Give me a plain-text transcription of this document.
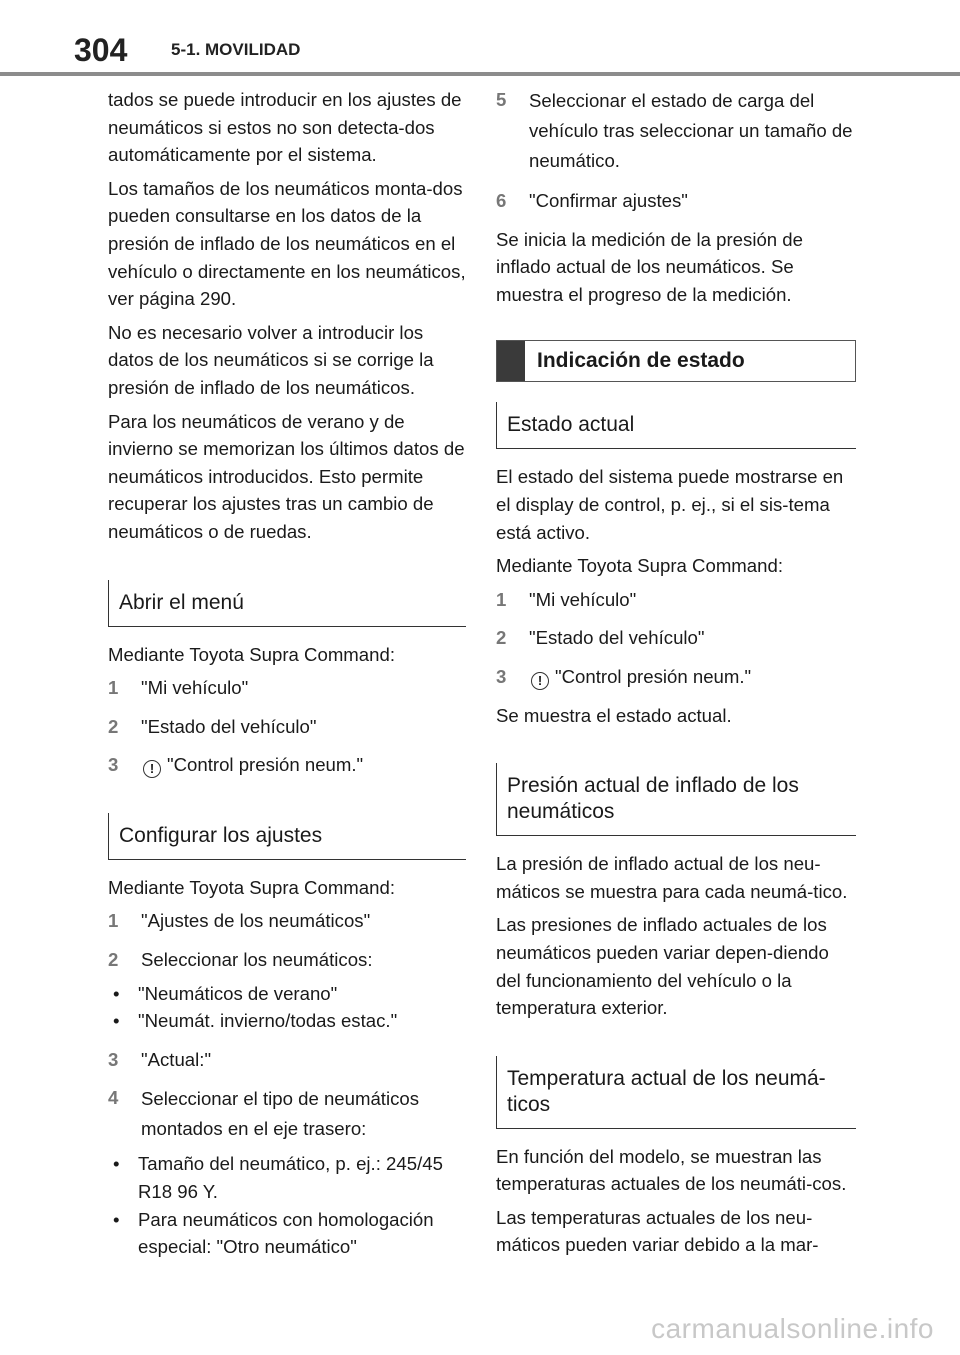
304	5-1. MOVILIDAD

tados se puede introducir en los ajustes de neumáticos si estos no son detecta-dos automáticamente por el sistema.

Los tamaños de los neumáticos monta-dos pueden consultarse en los datos de la presión de inflado de los neumáticos en el vehículo o directamente en los neumáticos, ver página 290.

No es necesario volver a introducir los datos de los neumáticos si se corrige la presión de inflado de los neumáticos.

Para los neumáticos de verano y de invierno se memorizan los últimos datos de neumáticos introducidos. Esto permite recuperar los ajustes tras un cambio de neumáticos o de ruedas.

Abrir el menú

Mediante Toyota Supra Command:

1	"Mi vehículo"
2	"Estado del vehículo"
3	! "Control presión neum."
Configurar los ajustes

Mediante Toyota Supra Command:

1	"Ajustes de los neumáticos"
2	Seleccionar los neumáticos:
• "Neumáticos de verano"
• "Neumát. invierno/todas estac."
3	"Actual:"
4	Seleccionar el tipo de neumáticos montados en el eje trasero:
• Tamaño del neumático, p. ej.: 245/45 R18 96 Y.
• Para neumáticos con homologación especial: "Otro neumático"
5	Seleccionar el estado de carga del vehículo tras seleccionar un tamaño de neumático.
6	"Confirmar ajustes"

Se inicia la medición de la presión de inflado actual de los neumáticos. Se muestra el progreso de la medición.

Indicación de estado
Estado actual

El estado del sistema puede mostrarse en el display de control, p. ej., si el sis-tema está activo.

Mediante Toyota Supra Command:

1	"Mi vehículo"
2	"Estado del vehículo"
3	! "Control presión neum."

Se muestra el estado actual.

Presión actual de inflado de los neumáticos

La presión de inflado actual de los neu-máticos se muestra para cada neumá-tico.

Las presiones de inflado actuales de los neumáticos pueden variar depen-diendo del funcionamiento del vehículo o la temperatura exterior.

Temperatura actual de los neumá-ticos

En función del modelo, se muestran las temperaturas actuales de los neumáti-cos.

Las temperaturas actuales de los neu-máticos pueden variar debido a la mar-

carmanualsonline.info
